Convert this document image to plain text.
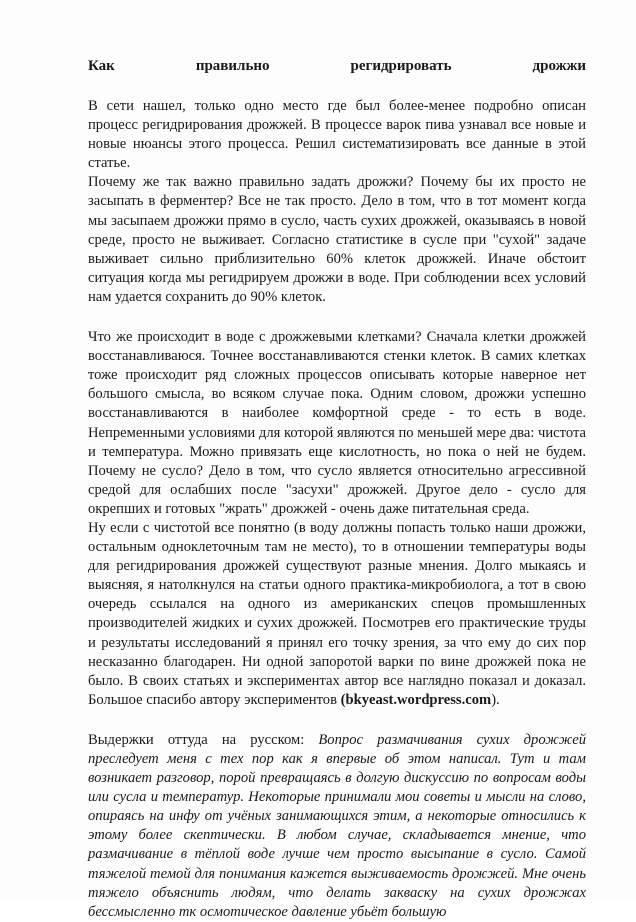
Как	правильно	регидрировать	дрожжи

В сети нашел, только одно место где был более-менее подробно описан процесс регидрирования дрожжей. В процессе варок пива узнавал все новые и новые нюансы этого процесса. Решил систематизировать все данные в этой статье.

Почему же так важно правильно задать дрожжи? Почему бы их просто не засыпать в ферментер? Все не так просто. Дело в том, что в тот момент когда мы засыпаем дрожжи прямо в сусло, часть сухих дрожжей, оказываясь в новой среде, просто не выживает. Согласно статистике в сусле при "сухой" задаче выживает сильно приблизительно 60% клеток дрожжей. Иначе обстоит ситуация когда мы регидрируем дрожжи в воде. При соблюдении всех условий нам удается сохранить до 90% клеток.

Что же происходит в воде с дрожжевыми клетками? Сначала клетки дрожжей восстанавливаюся. Точнее восстанавливаются стенки клеток. В самих клетках тоже происходит ряд сложных процессов описывать которые наверное нет большого смысла, во всяком случае пока. Одним словом, дрожжи успешно восстанавливаются в наиболее комфортной среде - то есть в воде. Непременными условиями для которой являются по меньшей мере два: чистота и температура. Можно привязать еще кислотность, но пока о ней не будем. Почему не сусло? Дело в том, что сусло является относительно агрессивной средой для ослабших после "засухи" дрожжей. Другое дело - сусло для окрепших и готовых "жрать" дрожжей - очень даже питательная среда.

Ну если с чистотой все понятно (в воду должны попасть только наши дрожжи, остальным одноклеточным там не место), то в отношении температуры воды для регидрирования дрожжей существуют разные мнения. Долго мыкаясь и выясняя, я натолкнулся на статьи одного практика-микробиолога, а тот в свою очередь ссылался на одного из американских спецов промышленных производителей жидких и сухих дрожжей. Посмотрев его практические труды и результаты исследований я принял его точку зрения, за что ему до сих пор несказанно благодарен. Ни одной запоротой варки по вине дрожжей пока не было. В своих статьях и экспериментах автор все наглядно показал и доказал. Большое спасибо автору экспериментов (bkyeast.wordpress.com).

Выдержки оттуда на русском: Вопрос размачивания сухих дрожжей преследует меня с тех пор как я впервые об этом написал. Тут и там возникает разговор, порой превращаясь в долгую дискуссию по вопросам воды или сусла и температур. Некоторые принимали мои советы и мысли на слово, опираясь на инфу от учёных занимающихся этим, а некоторые относились к этому более скептически. В любом случае, складывается мнение, что размачивание в тёплой воде лучше чем просто высыпание в сусло. Самой тяжелой темой для понимания кажется выживаемость дрожжей. Мне очень тяжело объяснить людям, что делать закваску на сухих дрожжах бессмысленно тк осмотическое давление убьёт большую
